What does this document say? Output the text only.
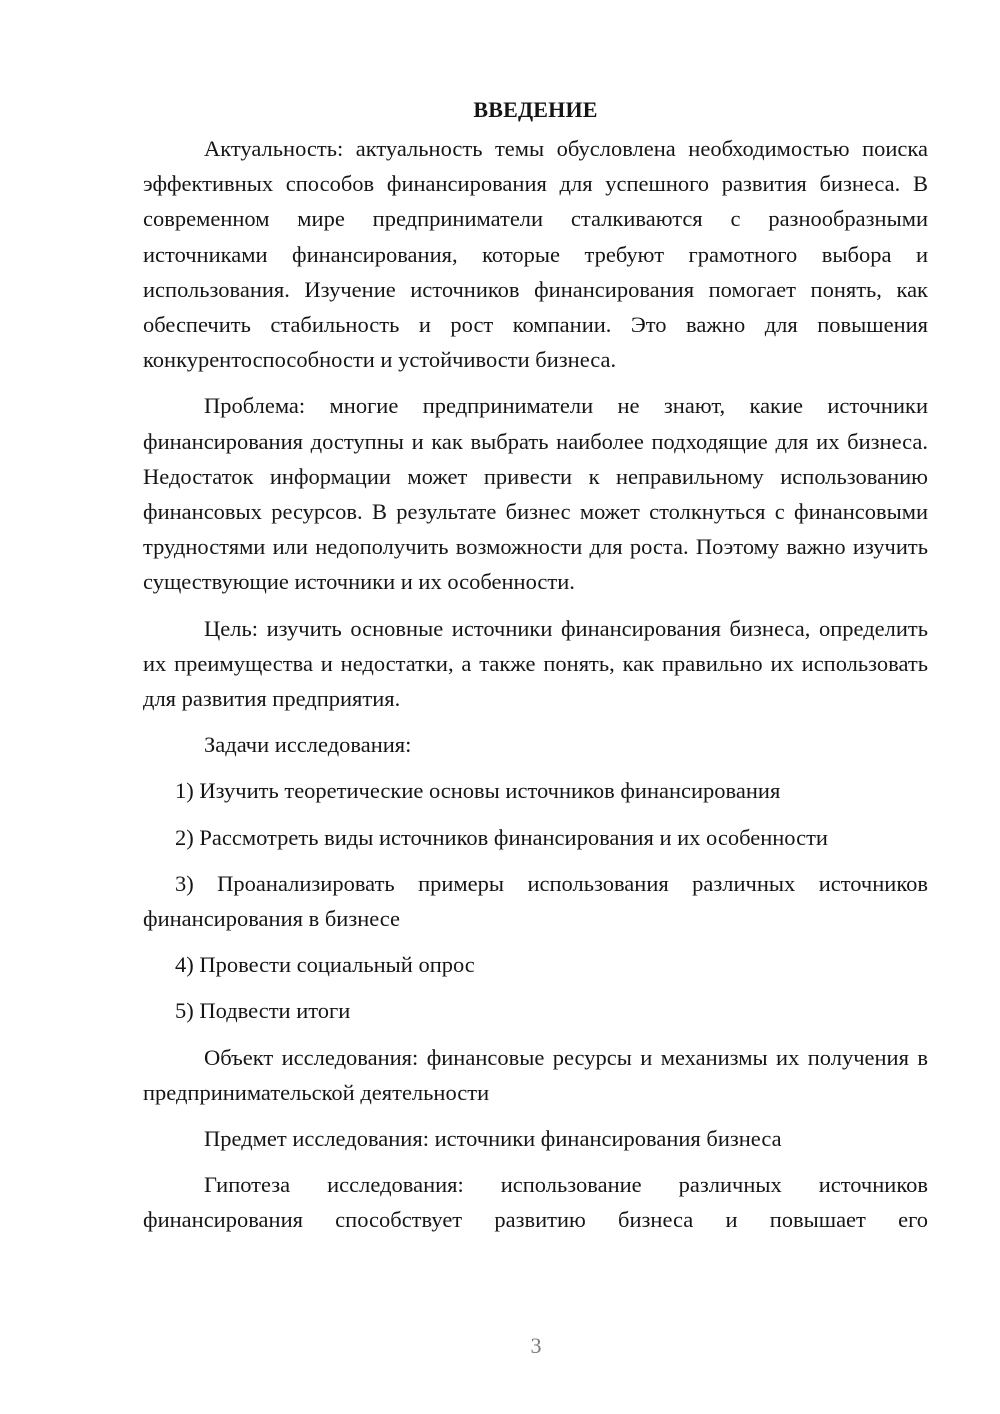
ВВЕДЕНИЕ

Актуальность: актуальность темы обусловлена необходимостью поиска эффективных способов финансирования для успешного развития бизнеса. В современном мире предприниматели сталкиваются с разнообразными источниками финансирования, которые требуют грамотного выбора и использования. Изучение источников финансирования помогает понять, как обеспечить стабильность и рост компании. Это важно для повышения конкурентоспособности и устойчивости бизнеса.

Проблема: многие предприниматели не знают, какие источники финансирования доступны и как выбрать наиболее подходящие для их бизнеса. Недостаток информации может привести к неправильному использованию финансовых ресурсов. В результате бизнес может столкнуться с финансовыми трудностями или недополучить возможности для роста. Поэтому важно изучить существующие источники и их особенности.

Цель: изучить основные источники финансирования бизнеса, определить их преимущества и недостатки, а также понять, как правильно их использовать для развития предприятия.

Задачи исследования:

1) Изучить теоретические основы источников финансирования

2) Рассмотреть виды источников финансирования и их особенности

3) Проанализировать примеры использования различных источников финансирования в бизнесе

4) Провести социальный опрос

5) Подвести итоги

Объект исследования: финансовые ресурсы и механизмы их получения в предпринимательской деятельности

Предмет исследования: источники финансирования бизнеса

Гипотеза исследования: использование различных источников финансирования способствует развитию бизнеса и повышает его

3
